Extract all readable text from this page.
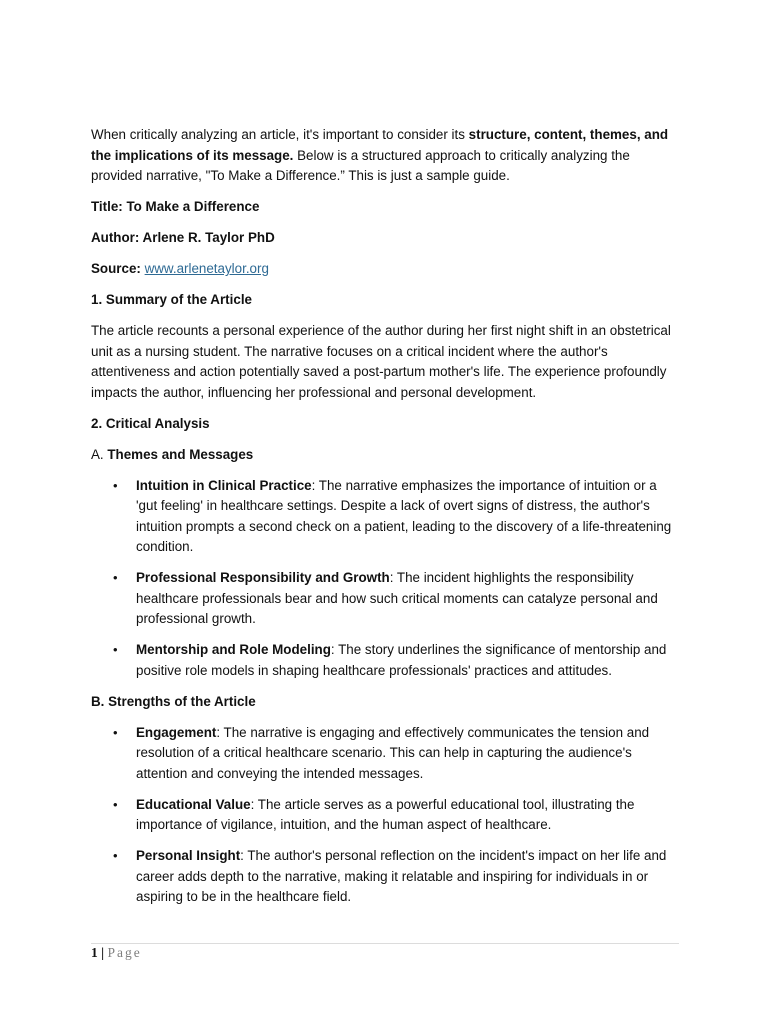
When critically analyzing an article, it's important to consider its structure, content, themes, and the implications of its message. Below is a structured approach to critically analyzing the provided narrative, "To Make a Difference.” This is just a sample guide.

Title: To Make a Difference

Author: Arlene R. Taylor PhD

Source: www.arlenetaylor.org

1. Summary of the Article

The article recounts a personal experience of the author during her first night shift in an obstetrical unit as a nursing student. The narrative focuses on a critical incident where the author's attentiveness and action potentially saved a post-partum mother's life. The experience profoundly impacts the author, influencing her professional and personal development.

2. Critical Analysis

A. Themes and Messages

• Intuition in Clinical Practice: The narrative emphasizes the importance of intuition or a 'gut feeling' in healthcare settings. Despite a lack of overt signs of distress, the author's intuition prompts a second check on a patient, leading to the discovery of a life-threatening condition.
• Professional Responsibility and Growth: The incident highlights the responsibility healthcare professionals bear and how such critical moments can catalyze personal and professional growth.
• Mentorship and Role Modeling: The story underlines the significance of mentorship and positive role models in shaping healthcare professionals' practices and attitudes.

B. Strengths of the Article

• Engagement: The narrative is engaging and effectively communicates the tension and resolution of a critical healthcare scenario. This can help in capturing the audience's attention and conveying the intended messages.
• Educational Value: The article serves as a powerful educational tool, illustrating the importance of vigilance, intuition, and the human aspect of healthcare.
• Personal Insight: The author's personal reflection on the incident's impact on her life and career adds depth to the narrative, making it relatable and inspiring for individuals in or aspiring to be in the healthcare field.
1 | Page
